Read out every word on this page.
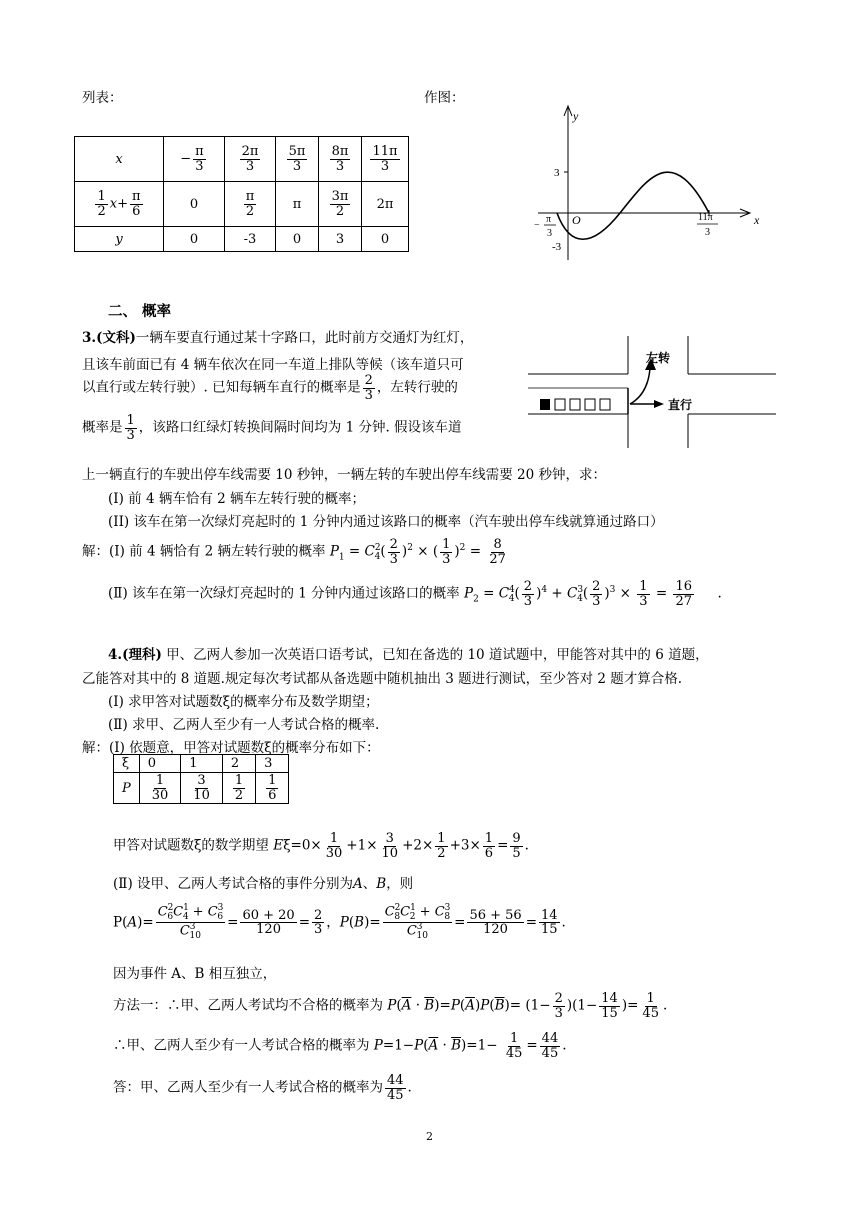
列表：	作图：
x	− $\frac{\pi}{3}$	$\frac{2\pi}{3}$	$\frac{5\pi}{3}$	$\frac{8\pi}{3}$	$\frac{11\pi}{3}$

$\frac{1}{2} x+ \frac{\pi}{6}$	0	$\frac{\pi}{2}$	π	$\frac{3\pi}{2}$	2π
y	0	-3	0	3	0
y
x
O
3
-3
−
π
3
11π
3
二、 概率
3.(文科)一辆车要直行通过某十字路口，此时前方交通灯为红灯，
且该车前面已有 4 辆车依次在同一车道上排队等候（该车道只可
以直行或左转行驶）. 已知每辆车直行的概率是 $\frac{2}{3}$ ，左转行驶的
概率是 $\frac{1}{3}$ ，该路口红绿灯转换间隔时间均为 1 分钟. 假设该车道
上一辆直行的车驶出停车线需要 10 秒钟，一辆左转的车驶出停车线需要 20 秒钟，求：
(I) 前 4 辆车恰有 2 辆车左转行驶的概率；
(II) 该车在第一次绿灯亮起时的 1 分钟内通过该路口的概率（汽车驶出停车线就算通过路口）
解：(Ⅰ) 前 4 辆恰有 2 辆左转行驶的概率 $P_1 = C^2_4( \frac{2}{3} )^2$ × ( $\frac{1}{3} )^2 = \frac{8}{27}$
(Ⅱ) 该车在第一次绿灯亮起时的 1 分钟内通过该路口的概率 $P_2 = C^4_4( \frac{2}{3} )^4 + C^3_4( \frac{2}{3} )^3 \times \frac{1}{3} = \frac{16}{27}$ .
左转
直行
4.(理科) 甲、乙两人参加一次英语口语考试，已知在备选的 10 道试题中，甲能答对其中的 6 道题，
乙能答对其中的 8 道题.规定每次考试都从备选题中随机抽出 3 题进行测试，至少答对 2 题才算合格.
(Ⅰ) 求甲答对试题数ξ的概率分布及数学期望；
(Ⅱ) 求甲、乙两人至少有一人考试合格的概率.
解：(Ⅰ) 依题意，甲答对试题数ξ的概率分布如下：
ξ	0	1	2	3
P	$\frac{1}{30}$	$\frac{3}{10}$	$\frac{1}{2}$	$\frac{1}{6}$
甲答对试题数ξ的数学期望 $E\xi=0\times \frac{1}{30} +1\times \frac{3}{10} +2\times \frac{1}{2} +3\times \frac{1}{6} = \frac{9}{5}$ .
(Ⅱ) 设甲、乙两人考试合格的事件分别为A、B，则
$P(A)= \frac{C^2_6C^1_4 + C^3_6}{C^3_{10}} = \frac{60 + 20}{120} = \frac{2}{3}$ ，$P(B)= \frac{C^2_8C^1_2 + C^3_8}{C^3_{10}} = \frac{56 + 56}{120} = \frac{14}{15}$ .
因为事件 A、B 相互独立，
方法一：∴甲、乙两人考试均不合格的概率为 $P(\overline{A} \cdot \overline{B})=P(\overline{A})P(\overline{B})= (1- \frac{2}{3} )(1- \frac{14}{15}$ )= $\frac{1}{45}$ .
∴甲、乙两人至少有一人考试合格的概率为 $P=1-P(\overline{A} \cdot \overline{B})=1- \frac{1}{45} = \frac{44}{45}$ .
答：甲、乙两人至少有一人考试合格的概率为 $\frac{44}{45}$ .
2
